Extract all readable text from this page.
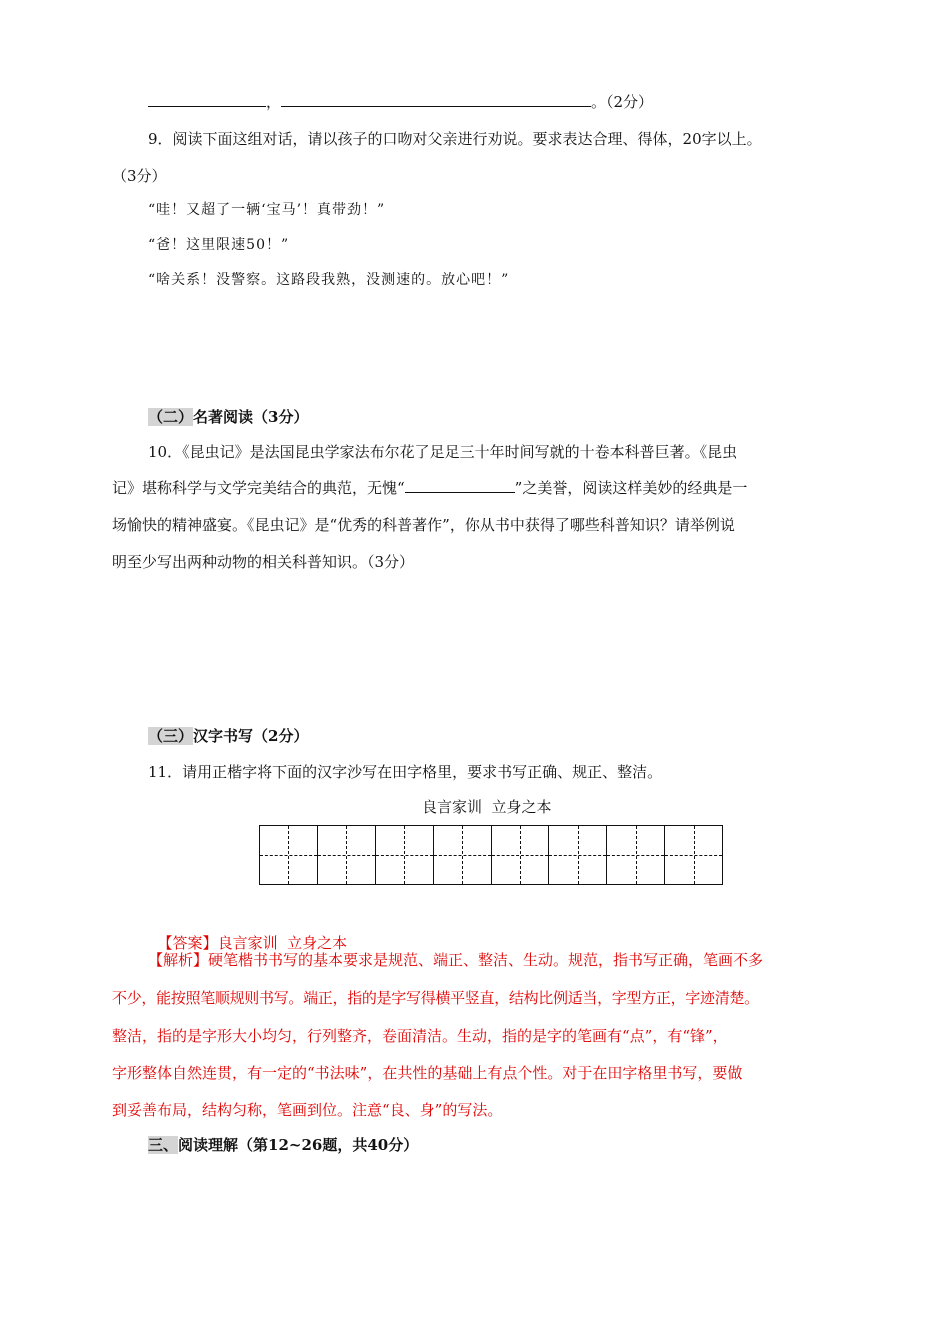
，	。（2分）
9．阅读下面这组对话，请以孩子的口吻对父亲进行劝说。要求表达合理、得体，20字以上。
（3分）
“哇！又超了一辆‘宝马’！真带劲！”
“爸！这里限速50！”
“啥关系！没警察。这路段我熟，没测速的。放心吧！”
（二）名著阅读（3分）
10．《昆虫记》是法国昆虫学家法布尔花了足足三十年时间写就的十卷本科普巨著。《昆虫
记》堪称科学与文学完美结合的典范，无愧“	”之美誉，阅读这样美妙的经典是一
场愉快的精神盛宴。《昆虫记》是“优秀的科普著作”，你从书中获得了哪些科普知识？请举例说
明至少写出两种动物的相关科普知识。（3分）
（三）汉字书写（2分）
11．请用正楷字将下面的汉字沙写在田字格里，要求书写正确、规正、整洁。
良言家训  立身之本

【答案】良言家训  立身之本

【解析】硬笔楷书书写的基本要求是规范、端正、整洁、生动。规范，指书写正确，笔画不多
不少，能按照笔顺规则书写。端正，指的是字写得横平竖直，结构比例适当，字型方正，字迹清楚。
整洁，指的是字形大小均匀，行列整齐，卷面清洁。生动，指的是字的笔画有“点”，有“锋”，
字形整体自然连贯，有一定的“书法味”，在共性的基础上有点个性。对于在田字格里书写，要做
到妥善布局，结构匀称，笔画到位。注意“良、身”的写法。
三、阅读理解（第12~26题，共40分）
